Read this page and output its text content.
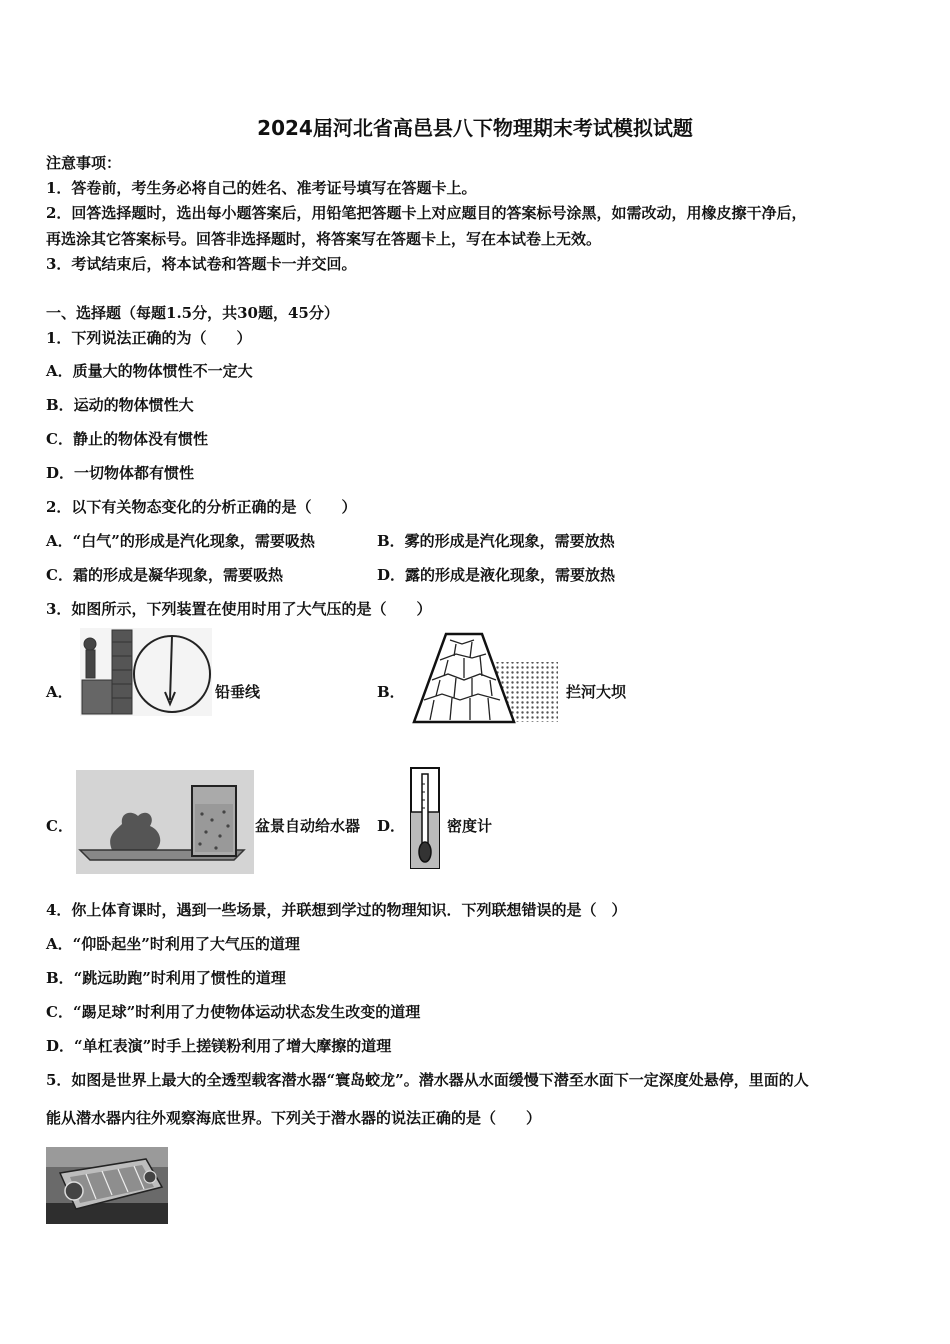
2024届河北省高邑县八下物理期末考试模拟试题
注意事项：
1．答卷前，考生务必将自己的姓名、准考证号填写在答题卡上。
2．回答选择题时，选出每小题答案后，用铅笔把答题卡上对应题目的答案标号涂黑，如需改动，用橡皮擦干净后，
再选涂其它答案标号。回答非选择题时，将答案写在答题卡上，写在本试卷上无效。
3．考试结束后，将本试卷和答题卡一并交回。
一、选择题（每题1.5分，共30题，45分）
1．下列说法正确的为（　　）
A．质量大的物体惯性不一定大
B．运动的物体惯性大
C．静止的物体没有惯性
D．一切物体都有惯性
2．以下有关物态变化的分析正确的是（　　）
A．“白气”的形成是汽化现象，需要吸热	B．雾的形成是汽化现象，需要放热
C．霜的形成是凝华现象，需要吸热	D．露的形成是液化现象，需要放热
3．如图所示，下列装置在使用时用了大气压的是（　　）
A．	铅垂线	B．	拦河大坝
C．	盆景自动给水器 D．	密度计
4．你上体育课时，遇到一些场景，并联想到学过的物理知识．下列联想错误的是（　）
A．“仰卧起坐”时利用了大气压的道理
B．“跳远助跑”时利用了惯性的道理
C．“踢足球”时利用了力使物体运动状态发生改变的道理
D．“单杠表演”时手上搓镁粉利用了增大摩擦的道理
5．如图是世界上最大的全透型载客潜水器“寰岛蛟龙”。潜水器从水面缓慢下潜至水面下一定深度处悬停，里面的人
能从潜水器内往外观察海底世界。下列关于潜水器的说法正确的是（　　）
